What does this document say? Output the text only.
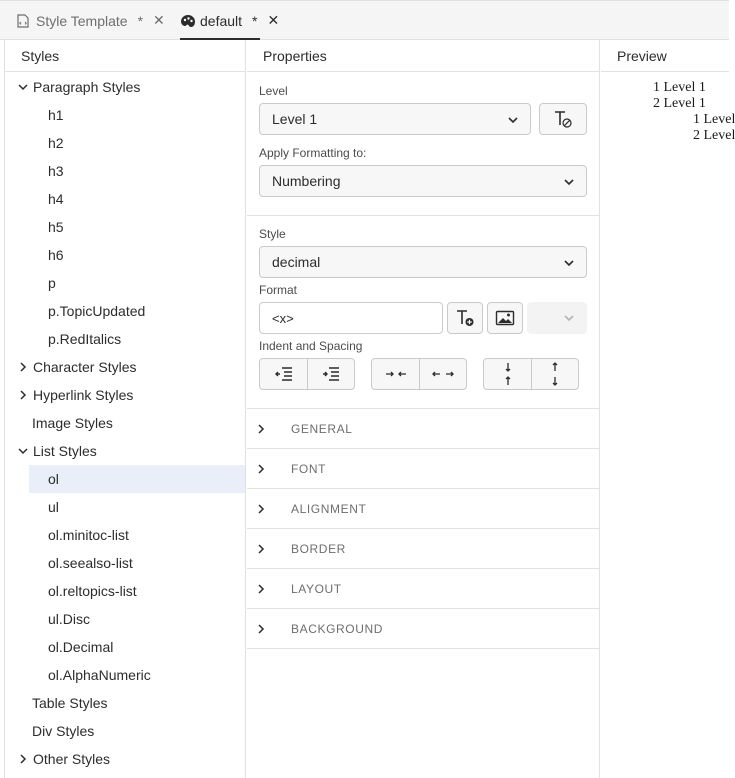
Style Template * ✕	default * ✕
Styles
Paragraph Styles
h1
h2
h3
h4
h5
h6
p
p.TopicUpdated
p.RedItalics
Character Styles
Hyperlink Styles
Image Styles
List Styles
ol
ul
ol.minitoc-list
ol.seealso-list
ol.reltopics-list
ul.Disc
ol.Decimal
ol.AlphaNumeric
Table Styles
Div Styles
Other Styles
Properties
Level
Level 1
Apply Formatting to:
Numbering
Style
decimal
Format
<x>
Indent and Spacing
GENERAL
FONT
ALIGNMENT
BORDER
LAYOUT
BACKGROUND
Preview
1 Level 1
2 Level 1
1 Level
2 Level
